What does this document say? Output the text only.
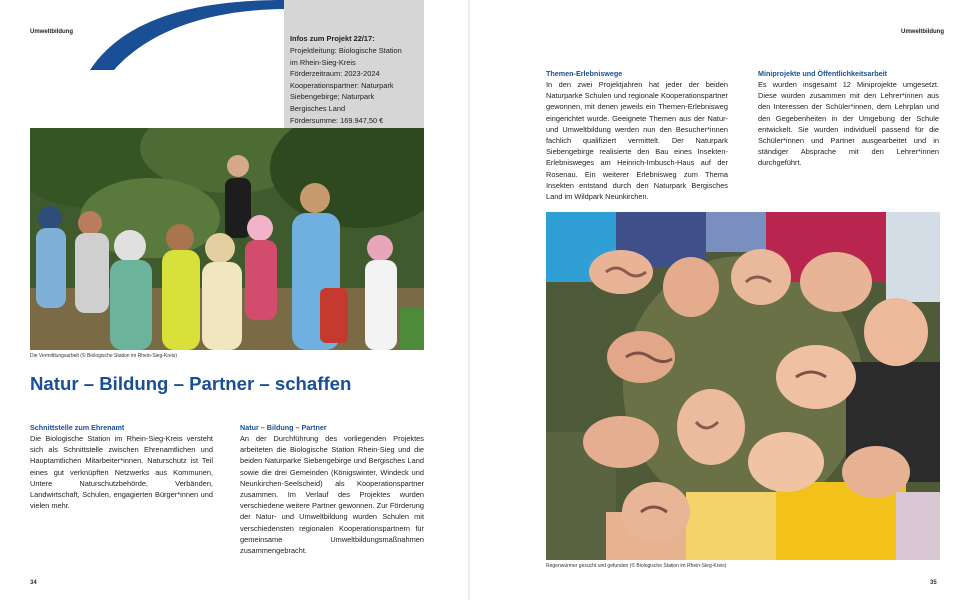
Umweltbildung
Infos zum Projekt 22/17:
Projektleitung: Biologische Station
im Rhein-Sieg-Kreis
Förderzeitraum: 2023-2024
Kooperationspartner: Naturpark
Siebengebirge; Naturpark
Bergisches Land
Fördersumme: 169.947,50 €
Die Vermittlungsarbeit (© Biologische Station im Rhein-Sieg-Kreis)
Natur – Bildung – Partner – schaffen
Schnittstelle zum Ehrenamt
Die Biologische Station im Rhein-Sieg-Kreis versteht sich als Schnittstelle zwischen Ehrenamtlichen und Hauptamtlichen Mitarbeiter*innen. Naturschutz ist Teil eines gut verknüpften Netzwerks aus Kommunen, Untere Naturschutzbehörde, Verbänden, Landwirtschaft, Schulen, engagierten Bürger*innen und vielen mehr.
Natur – Bildung – Partner
An der Durchführung des vorliegenden Projektes arbeiteten die Biologische Station Rhein-Sieg und die beiden Naturparke Siebengebirge und Bergisches Land sowie die drei Gemeinden (Königswinter, Windeck und Neunkirchen-Seelscheid) als Kooperationspartner zusammen. Im Verlauf des Projektes wurden verschiedene weitere Partner gewonnen. Zur Förderung der Natur- und Umweltbildung wurden Schulen mit verschiedensten regionalen Kooperationspartnern für gemeinsame Umweltbildungsmaßnahmen zusammengebracht.
34
Umweltbildung
Themen-Erlebniswege
In den zwei Projektjahren hat jeder der beiden Naturparke Schulen und regionale Kooperationspartner gewonnen, mit denen jeweils ein Themen-Erlebnisweg eingerichtet wurde. Geeignete Themen aus der Natur- und Umweltbildung werden nun den Besucher*innen fachlich qualifiziert vermittelt. Der Naturpark Siebengebirge realisierte den Bau eines Insekten-Erlebnisweges am Heinrich-Imbusch-Haus auf der Rosenau. Ein weiterer Erlebnisweg zum Thema Insekten entstand durch den Naturpark Bergisches Land im Wildpark Neunkirchen.
Miniprojekte und Öffentlichkeitsarbeit
Es wurden insgesamt 12 Miniprojekte umgesetzt. Diese wurden zusammen mit den Lehrer*innen aus den Interessen der Schüler*innen, dem Lehrplan und den Gegebenheiten in der Umgebung der Schule entwickelt. Sie wurden individuell passend für die Schüler*innen und Partner ausgearbeitet und in ständiger Absprache mit den Lehrer*innen durchgeführt.
Regenwürmer gesucht und gefunden (© Biologische Station im Rhein-Sieg-Kreis)
35
